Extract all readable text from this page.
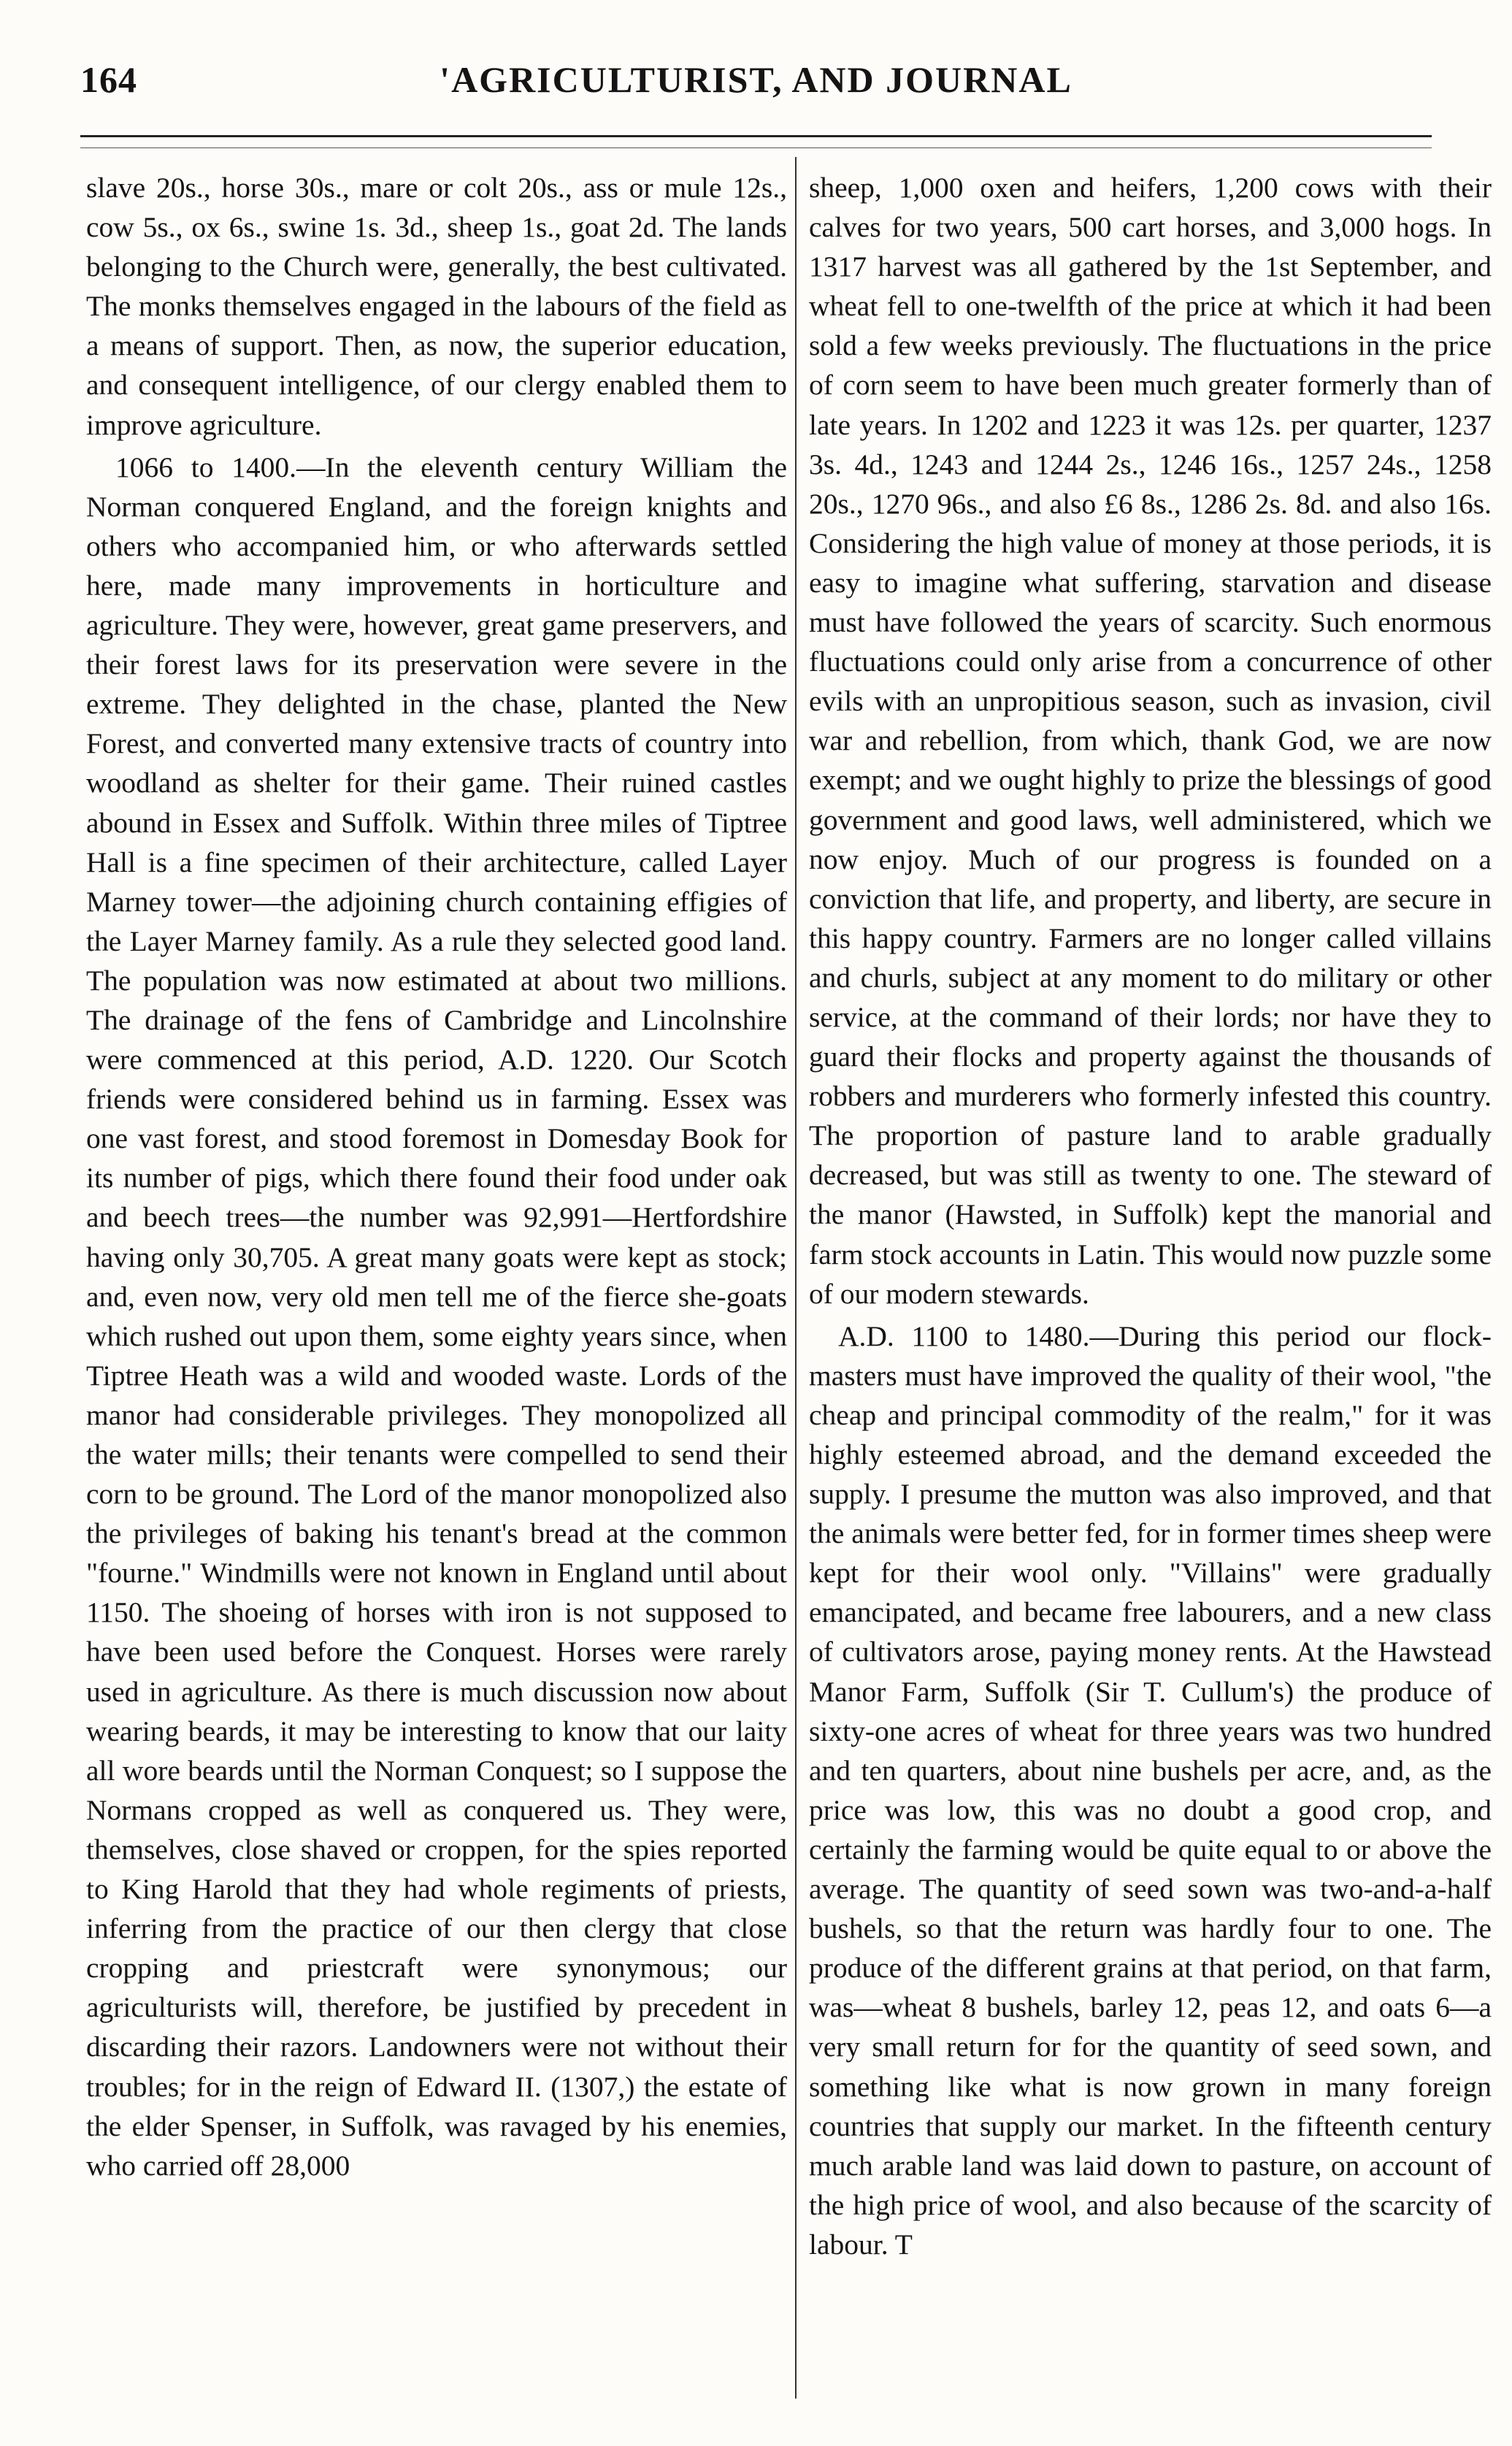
164	'AGRICULTURIST, AND JOURNAL

slave 20s., horse 30s., mare or colt 20s., ass or mule 12s., cow 5s., ox 6s., swine 1s. 3d., sheep 1s., goat 2d. The lands belonging to the Church were, generally, the best cultivated. The monks themselves engaged in the labours of the field as a means of support. Then, as now, the superior education, and consequent intelligence, of our clergy enabled them to improve agriculture.

1066 to 1400.—In the eleventh century William the Norman conquered England, and the foreign knights and others who accompanied him, or who afterwards settled here, made many improvements in horticulture and agriculture. They were, however, great game preservers, and their forest laws for its preservation were severe in the extreme. They delighted in the chase, planted the New Forest, and converted many extensive tracts of country into woodland as shelter for their game. Their ruined castles abound in Essex and Suffolk. Within three miles of Tiptree Hall is a fine specimen of their architecture, called Layer Marney tower—the adjoining church containing effigies of the Layer Marney family. As a rule they selected good land. The population was now estimated at about two millions. The drainage of the fens of Cambridge and Lincolnshire were commenced at this period, A.D. 1220. Our Scotch friends were considered behind us in farming. Essex was one vast forest, and stood foremost in Domesday Book for its number of pigs, which there found their food under oak and beech trees—the number was 92,991—Hertfordshire having only 30,705. A great many goats were kept as stock; and, even now, very old men tell me of the fierce she-goats which rushed out upon them, some eighty years since, when Tiptree Heath was a wild and wooded waste. Lords of the manor had considerable privileges. They monopolized all the water mills; their tenants were compelled to send their corn to be ground. The Lord of the manor monopolized also the privileges of baking his tenant's bread at the common "fourne." Windmills were not known in England until about 1150. The shoeing of horses with iron is not supposed to have been used before the Conquest. Horses were rarely used in agriculture. As there is much discussion now about wearing beards, it may be interesting to know that our laity all wore beards until the Norman Conquest; so I suppose the Normans cropped as well as conquered us. They were, themselves, close shaved or croppen, for the spies reported to King Harold that they had whole regiments of priests, inferring from the practice of our then clergy that close cropping and priestcraft were synonymous; our agriculturists will, therefore, be justified by precedent in discarding their razors. Landowners were not without their troubles; for in the reign of Edward II. (1307,) the estate of the elder Spenser, in Suffolk, was ravaged by his enemies, who carried off 28,000

sheep, 1,000 oxen and heifers, 1,200 cows with their calves for two years, 500 cart horses, and 3,000 hogs. In 1317 harvest was all gathered by the 1st September, and wheat fell to one-twelfth of the price at which it had been sold a few weeks previously. The fluctuations in the price of corn seem to have been much greater formerly than of late years. In 1202 and 1223 it was 12s. per quarter, 1237 3s. 4d., 1243 and 1244 2s., 1246 16s., 1257 24s., 1258 20s., 1270 96s., and also £6 8s., 1286 2s. 8d. and also 16s. Considering the high value of money at those periods, it is easy to imagine what suffering, starvation and disease must have followed the years of scarcity. Such enormous fluctuations could only arise from a concurrence of other evils with an unpropitious season, such as invasion, civil war and rebellion, from which, thank God, we are now exempt; and we ought highly to prize the blessings of good government and good laws, well administered, which we now enjoy. Much of our progress is founded on a conviction that life, and property, and liberty, are secure in this happy country. Farmers are no longer called villains and churls, subject at any moment to do military or other service, at the command of their lords; nor have they to guard their flocks and property against the thousands of robbers and murderers who formerly infested this country. The proportion of pasture land to arable gradually decreased, but was still as twenty to one. The steward of the manor (Hawsted, in Suffolk) kept the manorial and farm stock accounts in Latin. This would now puzzle some of our modern stewards.

A.D. 1100 to 1480.—During this period our flock-masters must have improved the quality of their wool, "the cheap and principal commodity of the realm," for it was highly esteemed abroad, and the demand exceeded the supply. I presume the mutton was also improved, and that the animals were better fed, for in former times sheep were kept for their wool only. "Villains" were gradually emancipated, and became free labourers, and a new class of cultivators arose, paying money rents. At the Hawstead Manor Farm, Suffolk (Sir T. Cullum's) the produce of sixty-one acres of wheat for three years was two hundred and ten quarters, about nine bushels per acre, and, as the price was low, this was no doubt a good crop, and certainly the farming would be quite equal to or above the average. The quantity of seed sown was two-and-a-half bushels, so that the return was hardly four to one. The produce of the different grains at that period, on that farm, was—wheat 8 bushels, barley 12, peas 12, and oats 6—a very small return for for the quantity of seed sown, and something like what is now grown in many foreign countries that supply our market. In the fifteenth century much arable land was laid down to pasture, on account of the high price of wool, and also because of the scarcity of labour. T
